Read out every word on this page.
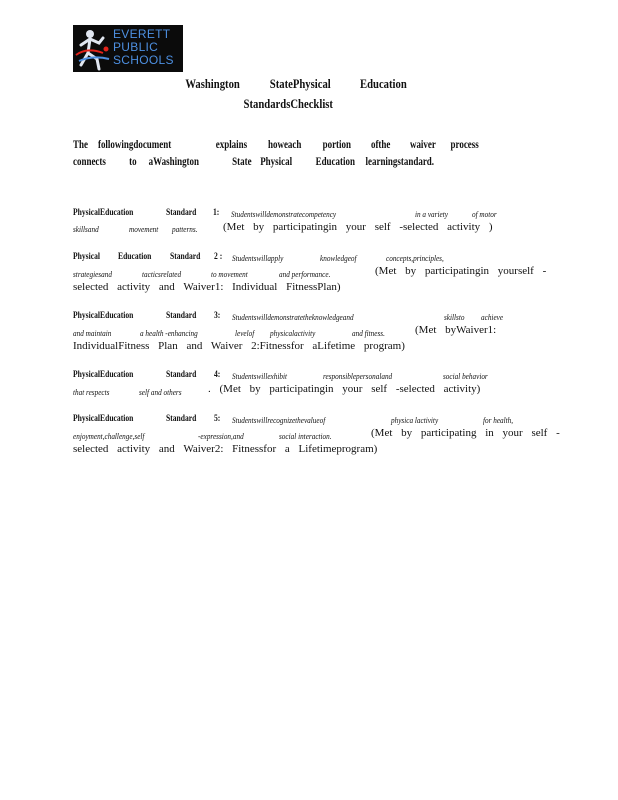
EVERETT
PUBLIC
SCHOOLS
Washington StatePhysical Education
StandardsChecklist
The followingdocument	explains howeach portion ofthe waiver process
connects to aWashington	State Physical Education learningstandard.
PhysicalEducation	Standard 1: Studentswilldemonstratecompetency	in a variety	of motor
skillsand	movement patterns. (Met by participatingin your self -selected activity )
Physical Education Standard 2 : Studentswillapply	knowledgeof	concepts,principles,
strategiesand	tacticsrelated	to movement	and performance.	(Met by participatingin yourself -
selected activity and Waiver1: Individual FitnessPlan)
PhysicalEducation	Standard 3: Studentswilldemonstratetheknowledgeand	skillsto achieve
and maintain	a health -enhancing	levelof physicalactivity	and fitness.	(Met byWaiver1:
IndividualFitness Plan and Waiver 2:Fitnessfor aLifetime program)
PhysicalEducation	Standard 4: Studentswillexhibit	responsiblepersonaland	social behavior
that respects	self and others . (Met by participatingin your self -selected activity)
PhysicalEducation	Standard 5: Studentswillrecognizethevalueof	physica lactivity	for health,
enjoyment,challenge,self	-expression,and	social interaction.	(Met by participating in your self -
selected activity and Waiver2: Fitnessfor a Lifetimeprogram)
